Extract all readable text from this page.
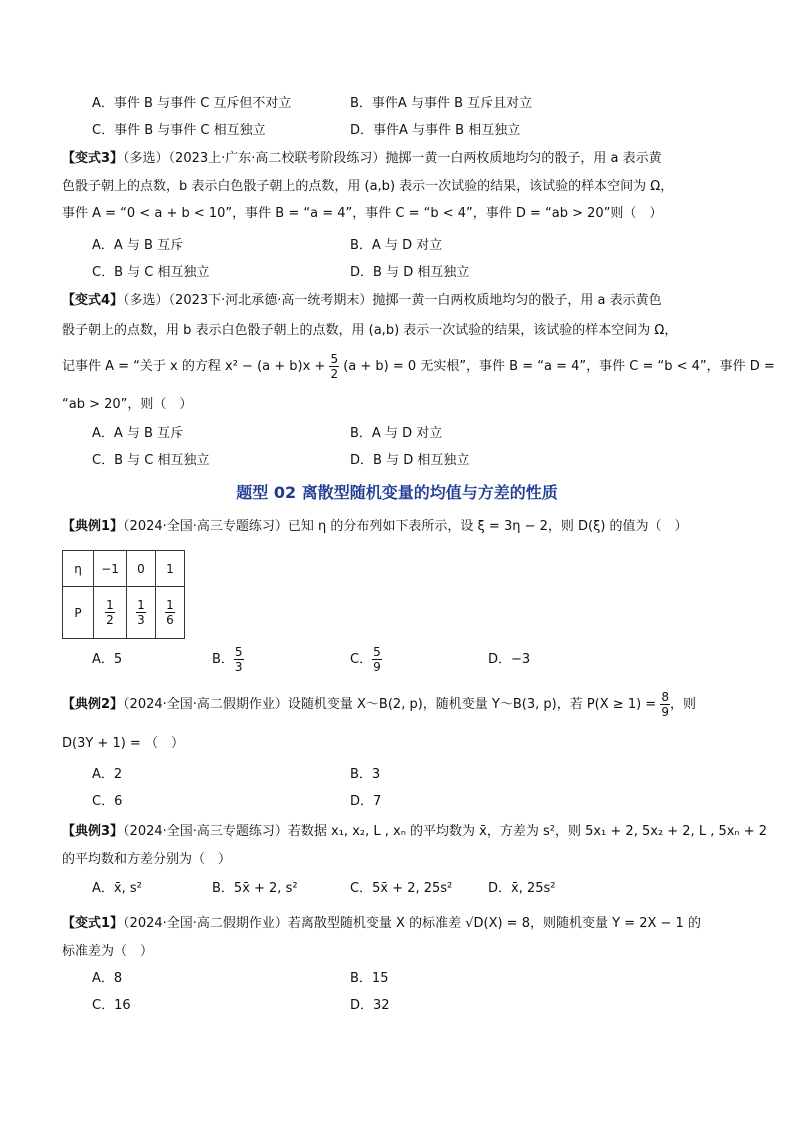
A．事件 B 与事件 C 互斥但不对立	B．事件A 与事件 B 互斥且对立
C．事件 B 与事件 C 相互独立	D．事件A 与事件 B 相互独立
【变式3】（多选）（2023上·广东·高二校联考阶段练习）抛掷一黄一白两枚质地均匀的骰子，用 a 表示黄
色骰子朝上的点数，b 表示白色骰子朝上的点数，用 (a,b) 表示一次试验的结果，该试验的样本空间为 Ω，
事件 A = “0 < a + b < 10”，事件 B = “a = 4”，事件 C = “b < 4”，事件 D = “ab > 20”则（　）
A．A 与 B 互斥	B．A 与 D 对立
C．B 与 C 相互独立	D．B 与 D 相互独立
【变式4】（多选）（2023下·河北承德·高一统考期末）抛掷一黄一白两枚质地均匀的骰子，用 a 表示黄色
骰子朝上的点数，用 b 表示白色骰子朝上的点数，用 (a,b) 表示一次试验的结果，该试验的样本空间为 Ω，
记事件 A = “关于 x 的方程 $x^2 - (a + b)x + \frac{5}{2} (a + b) = 0$ 无实根”，事件 B = “a = 4”，事件 C = “b < 4”，事件 D =
“ab > 20”，则（　）
A．A 与 B 互斥	B．A 与 D 对立
C．B 与 C 相互独立	D．B 与 D 相互独立
题型 02 离散型随机变量的均值与方差的性质
【典例1】（2024·全国·高三专题练习）已知 η 的分布列如下表所示，设 ξ = 3η − 2，则 D(ξ) 的值为（　）
η	−1	0	1
P	$\frac{1}{2}$	$\frac{1}{3}$	$\frac{1}{6}$
A．5	B． $\frac{5}{3}$	C． $\frac{5}{9}$	D．−3
【典例2】（2024·全国·高二假期作业）设随机变量 X～B(2, p)，随机变量 Y～B(3, p)，若 $P(X \ge 1) = \frac{8}{9}$ ，则
D(3Y + 1) = （　）
A．2	B．3
C．6	D．7
【典例3】（2024·全国·高三专题练习）若数据 x₁, x₂, L , xₙ 的平均数为 x̄，方差为 s²，则 5x₁ + 2, 5x₂ + 2, L , 5xₙ + 2
的平均数和方差分别为（　）
A．x̄, s²	B．5x̄ + 2, s²	C．5x̄ + 2, 25s²	D．x̄, 25s²
【变式1】（2024·全国·高二假期作业）若离散型随机变量 X 的标准差 √D(X) = 8，则随机变量 Y = 2X − 1 的
标准差为（　）
A．8	B．15
C．16	D．32
